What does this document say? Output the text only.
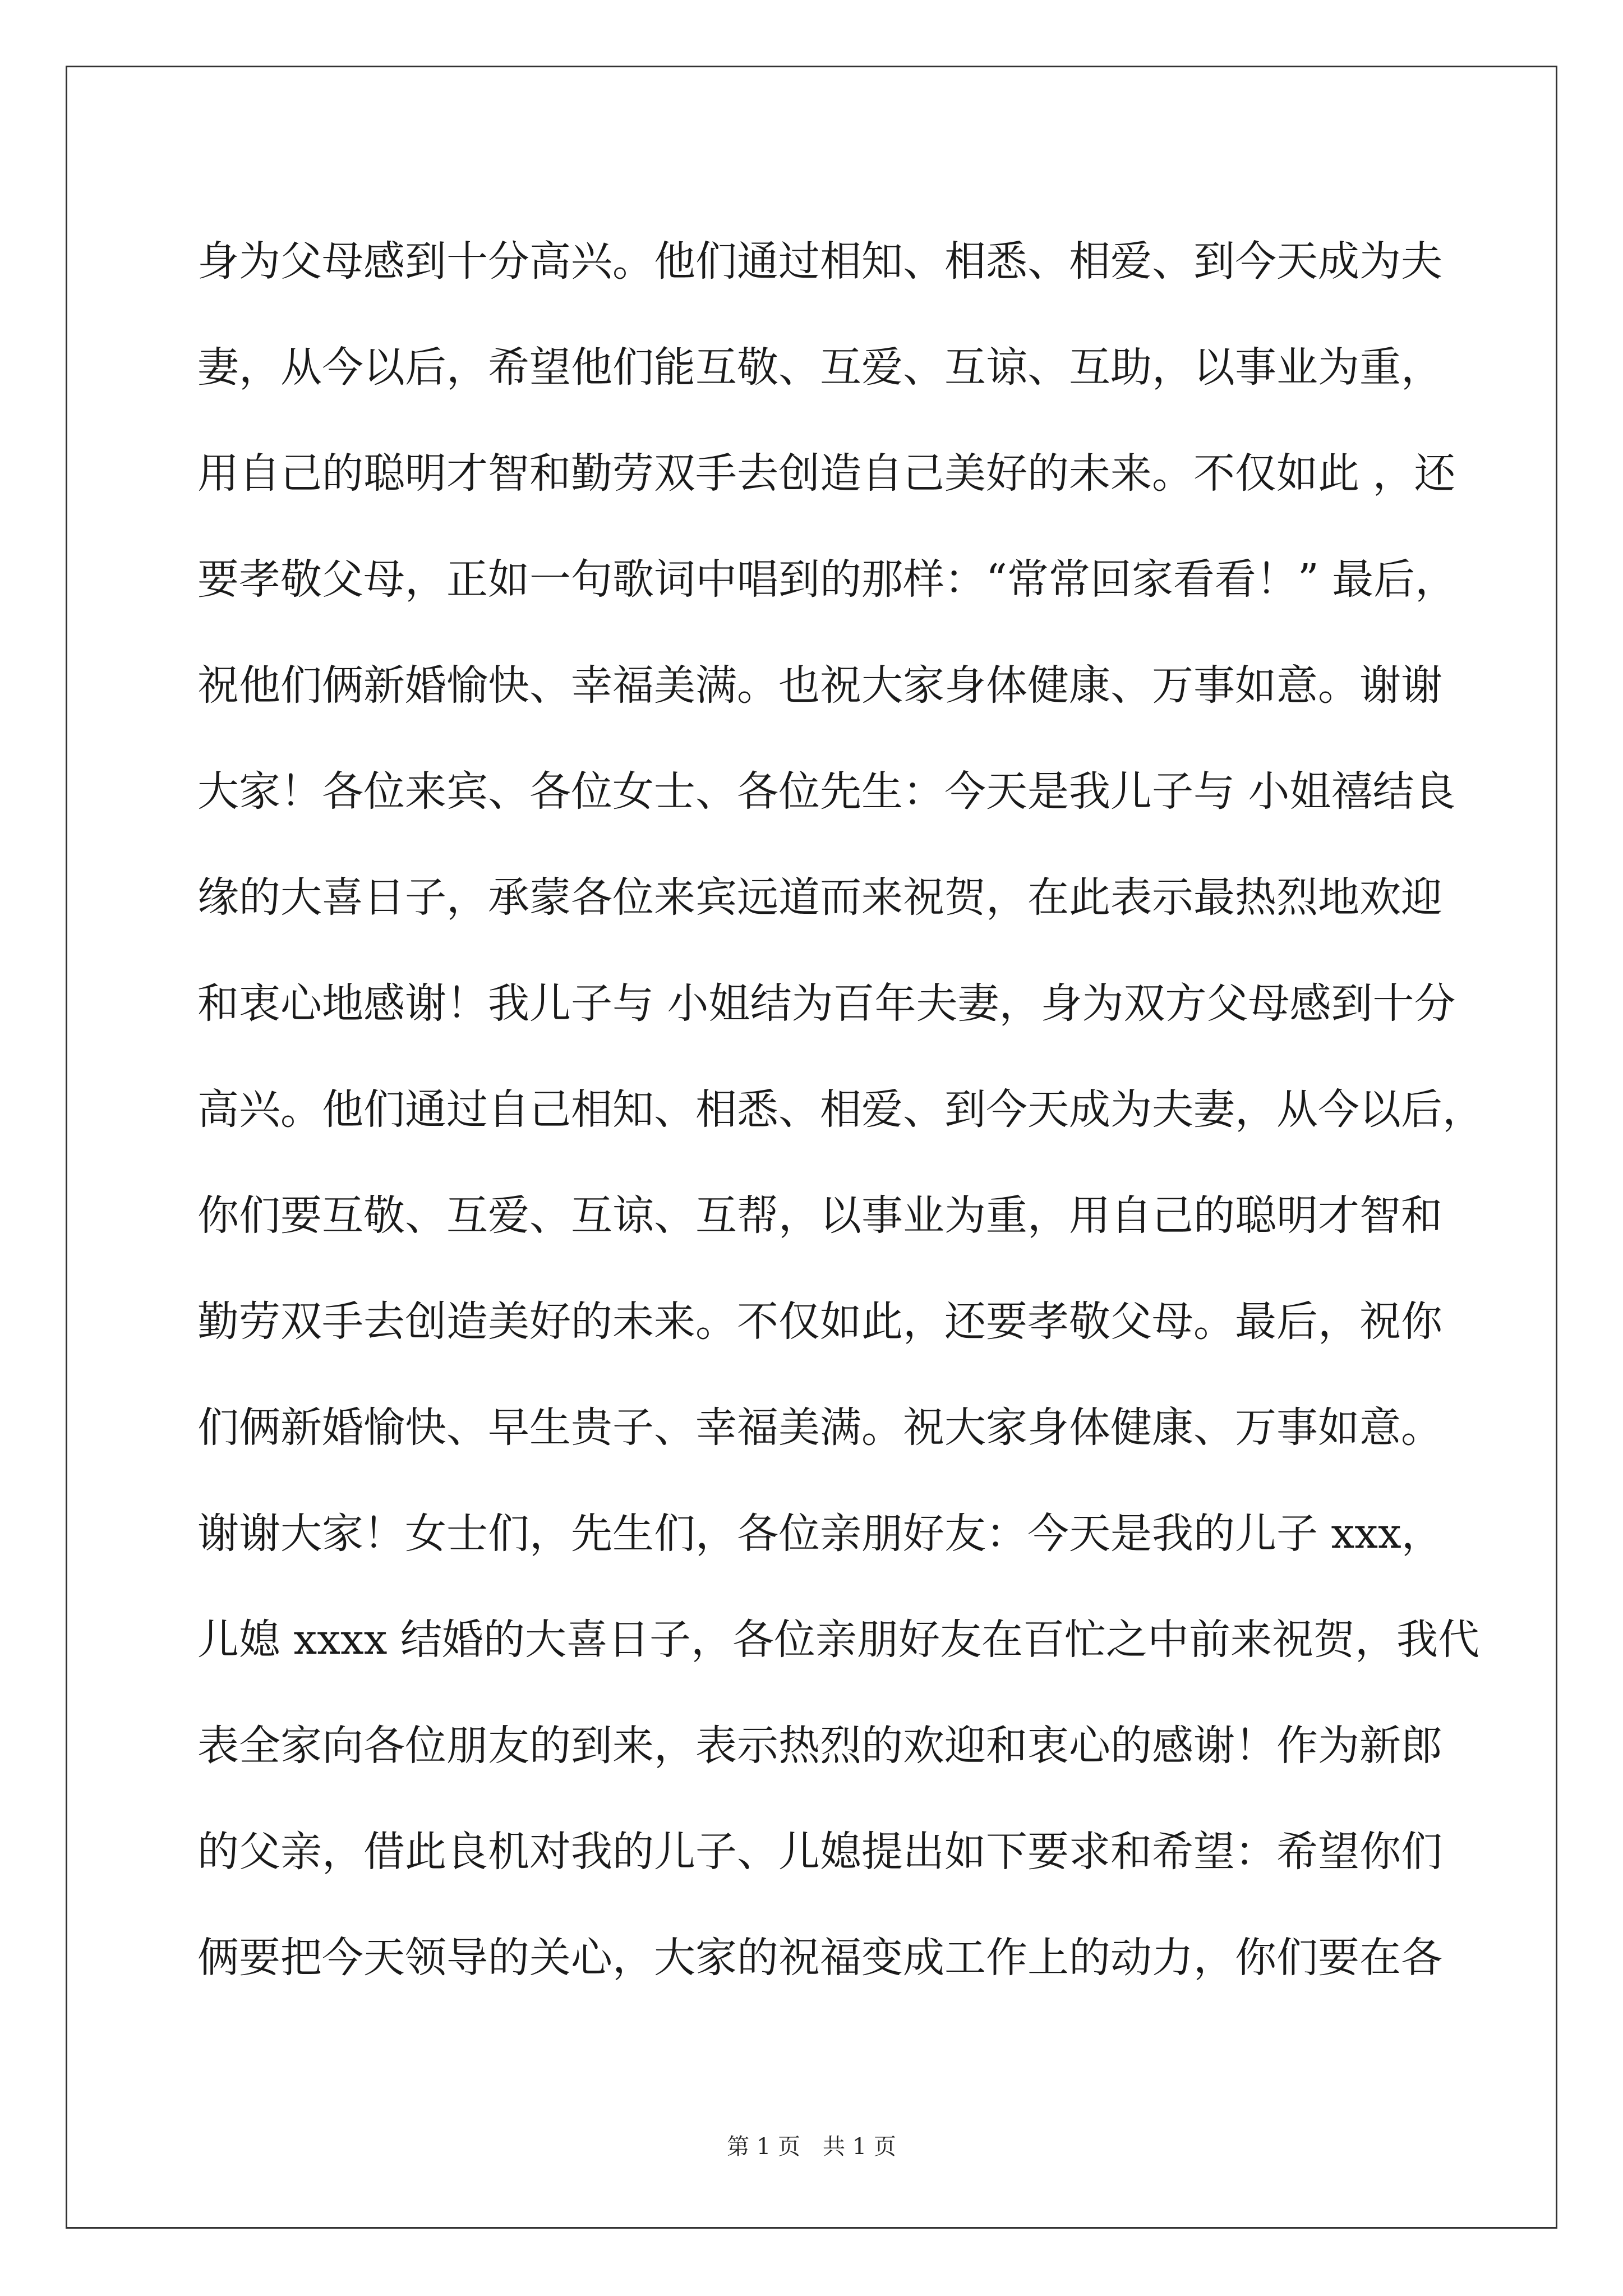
身为父母感到十分高兴。他们通过相知、相悉、相爱、到今天成为夫
妻，从今以后，希望他们能互敬、互爱、互谅、互助，以事业为重，
用自己的聪明才智和勤劳双手去创造自己美好的未来。不仅如此 ，还
要孝敬父母，正如一句歌词中唱到的那样：“常常回家看看！” 最后，
祝他们俩新婚愉快、幸福美满。也祝大家身体健康、万事如意。谢谢
大家！各位来宾、各位女士、各位先生：今天是我儿子与 小姐禧结良
缘的大喜日子，承蒙各位来宾远道而来祝贺，在此表示最热烈地欢迎
和衷心地感谢！我儿子与 小姐结为百年夫妻，身为双方父母感到十分
高兴。他们通过自己相知、相悉、相爱、到今天成为夫妻，从今以后，
你们要互敬、互爱、互谅、互帮，以事业为重，用自己的聪明才智和
勤劳双手去创造美好的未来。不仅如此，还要孝敬父母。最后，祝你
们俩新婚愉快、早生贵子、幸福美满。祝大家身体健康、万事如意。
谢谢大家！女士们，先生们，各位亲朋好友：今天是我的儿子 xxx，
儿媳 xxxx 结婚的大喜日子，各位亲朋好友在百忙之中前来祝贺，我代
表全家向各位朋友的到来，表示热烈的欢迎和衷心的感谢！作为新郎
的父亲，借此良机对我的儿子、儿媳提出如下要求和希望：希望你们
俩要把今天领导的关心，大家的祝福变成工作上的动力，你们要在各
第 1 页　共 1 页
